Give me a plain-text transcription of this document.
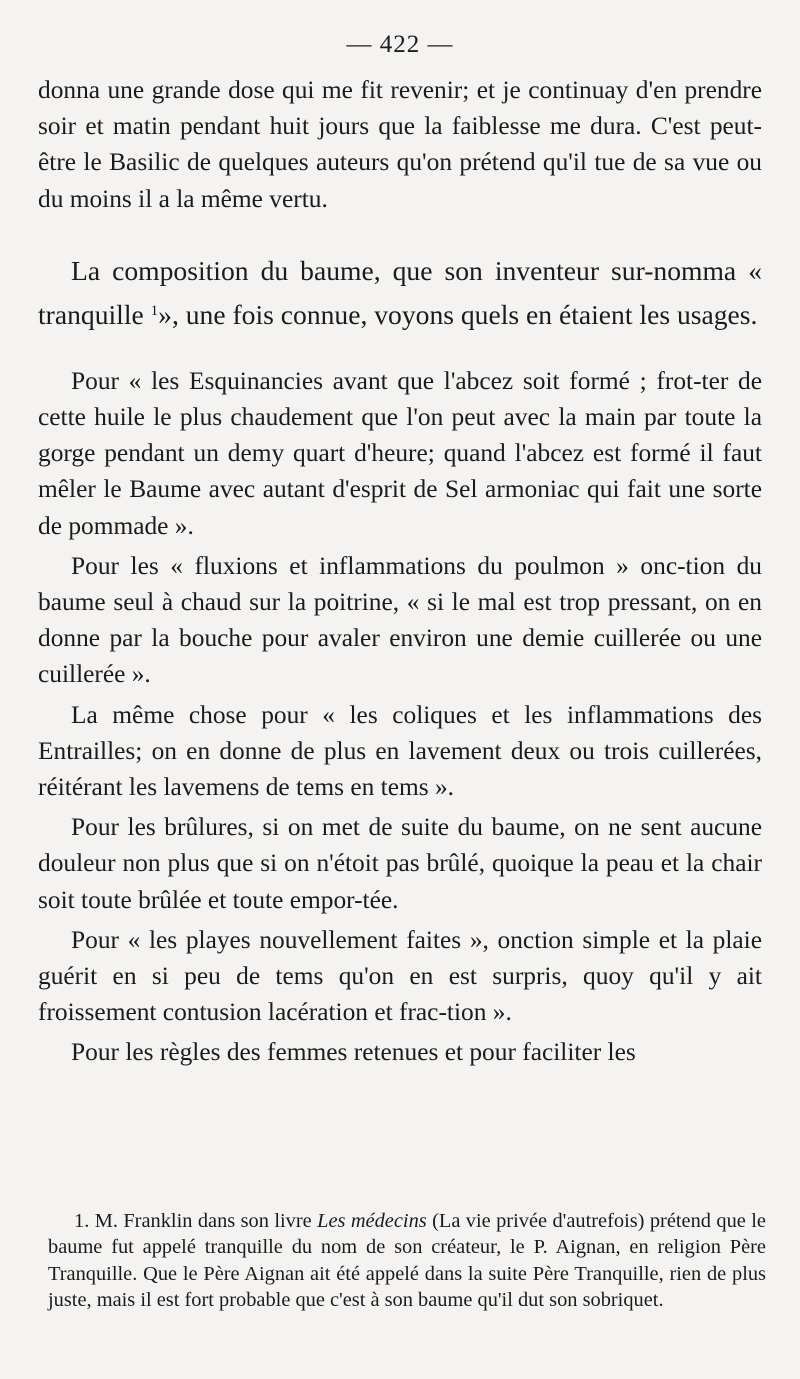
— 422 —

donna une grande dose qui me fit revenir; et je continuay d'en prendre soir et matin pendant huit jours que la faiblesse me dura. C'est peut-être le Basilic de quelques auteurs qu'on prétend qu'il tue de sa vue ou du moins il a la même vertu.

La composition du baume, que son inventeur sur-nomma « tranquille $^1$», une fois connue, voyons quels en étaient les usages.

Pour « les Esquinancies avant que l'abcez soit formé ; frot-ter de cette huile le plus chaudement que l'on peut avec la main par toute la gorge pendant un demy quart d'heure; quand l'abcez est formé il faut mêler le Baume avec autant d'esprit de Sel armoniac qui fait une sorte de pommade ».

Pour les « fluxions et inflammations du poulmon » onc-tion du baume seul à chaud sur la poitrine, « si le mal est trop pressant, on en donne par la bouche pour avaler environ une demie cuillerée ou une cuillerée ».

La même chose pour « les coliques et les inflammations des Entrailles; on en donne de plus en lavement deux ou trois cuillerées, réitérant les lavemens de tems en tems ».

Pour les brûlures, si on met de suite du baume, on ne sent aucune douleur non plus que si on n'étoit pas brûlé, quoique la peau et la chair soit toute brûlée et toute empor-tée.

Pour « les playes nouvellement faites », onction simple et la plaie guérit en si peu de tems qu'on en est surpris, quoy qu'il y ait froissement contusion lacération et frac-tion ».

Pour les règles des femmes retenues et pour faciliter les

1. M. Franklin dans son livre Les médecins (La vie privée d'autrefois) prétend que le baume fut appelé tranquille du nom de son créateur, le P. Aignan, en religion Père Tranquille. Que le Père Aignan ait été appelé dans la suite Père Tranquille, rien de plus juste, mais il est fort probable que c'est à son baume qu'il dut son sobriquet.
